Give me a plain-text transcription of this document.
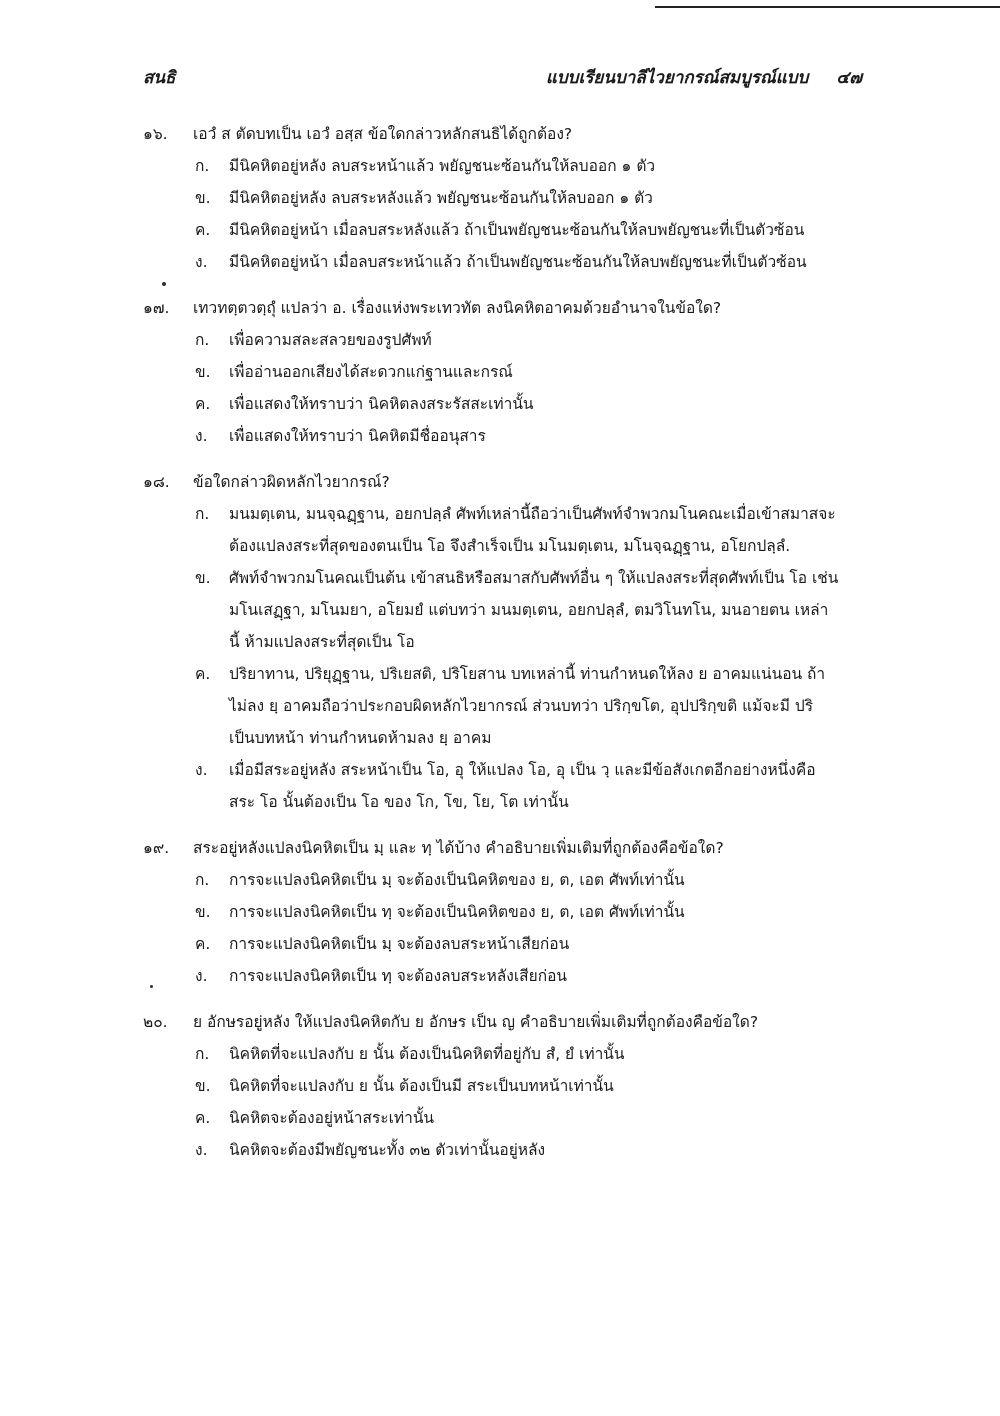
สนธิ	แบบเรียนบาลีไวยากรณ์สมบูรณ์แบบ ๔๗
๑๖.	เอวํ ส ตัดบทเป็น เอวํ อสฺส ข้อใดกล่าวหลักสนธิได้ถูกต้อง?
ก.	มีนิคหิตอยู่หลัง ลบสระหน้าแล้ว พยัญชนะซ้อนกันให้ลบออก ๑ ตัว
ข.	มีนิคหิตอยู่หลัง ลบสระหลังแล้ว พยัญชนะซ้อนกันให้ลบออก ๑ ตัว
ค.	มีนิคหิตอยู่หน้า เมื่อลบสระหลังแล้ว ถ้าเป็นพยัญชนะซ้อนกันให้ลบพยัญชนะที่เป็นตัวซ้อน
ง.	มีนิคหิตอยู่หน้า เมื่อลบสระหน้าแล้ว ถ้าเป็นพยัญชนะซ้อนกันให้ลบพยัญชนะที่เป็นตัวซ้อน
๑๗.	เทวทตฺตวตฺถุํ แปลว่า อ. เรื่องแห่งพระเทวทัต ลงนิคหิตอาคมด้วยอำนาจในข้อใด?
ก.	เพื่อความสละสลวยของรูปศัพท์
ข.	เพื่ออ่านออกเสียงได้สะดวกแก่ฐานและกรณ์
ค.	เพื่อแสดงให้ทราบว่า นิคหิตลงสระรัสสะเท่านั้น
ง.	เพื่อแสดงให้ทราบว่า นิคหิตมีชื่ออนุสาร
๑๘.	ข้อใดกล่าวผิดหลักไวยากรณ์?
ก.	มนมตฺเตน, มนจฺฉฏฺฐาน, อยกปลฺลํ ศัพท์เหล่านี้ถือว่าเป็นศัพท์จำพวกมโนคณะเมื่อเข้าสมาสจะ
ต้องแปลงสระที่สุดของตนเป็น โอ จึงสำเร็จเป็น มโนมตฺเตน, มโนจฺฉฏฺฐาน, อโยกปลฺลํ.
ข.	ศัพท์จำพวกมโนคณเป็นต้น เข้าสนธิหรือสมาสกับศัพท์อื่น ๆ ให้แปลงสระที่สุดศัพท์เป็น โอ เช่น
มโนเสฏฺฐา, มโนมยา, อโยมยํ แต่บทว่า มนมตฺเตน, อยกปลฺลํ, ตมวิโนทโน, มนอายตน เหล่า
นี้ ห้ามแปลงสระที่สุดเป็น โอ
ค.	ปริยาทาน, ปริยุฏฺฐาน, ปริเยสติ, ปริโยสาน บทเหล่านี้ ท่านกำหนดให้ลง ย อาคมแน่นอน ถ้า
ไม่ลง ยฺ อาคมถือว่าประกอบผิดหลักไวยากรณ์ ส่วนบทว่า ปริกฺขโต, อุปปริกฺขติ แม้จะมี ปริ
เป็นบทหน้า ท่านกำหนดห้ามลง ยฺ อาคม
ง.	เมื่อมีสระอยู่หลัง สระหน้าเป็น โอ, อุ ให้แปลง โอ, อุ เป็น วฺ และมีข้อสังเกตอีกอย่างหนึ่งคือ
สระ โอ นั้นต้องเป็น โอ ของ โก, โข, โย, โต เท่านั้น
๑๙.	สระอยู่หลังแปลงนิคหิตเป็น มฺ และ ทฺ ได้บ้าง คำอธิบายเพิ่มเติมที่ถูกต้องคือข้อใด?
ก.	การจะแปลงนิคหิตเป็น มฺ จะต้องเป็นนิคหิตของ ย, ต, เอต ศัพท์เท่านั้น
ข.	การจะแปลงนิคหิตเป็น ทฺ จะต้องเป็นนิคหิตของ ย, ต, เอต ศัพท์เท่านั้น
ค.	การจะแปลงนิคหิตเป็น มฺ จะต้องลบสระหน้าเสียก่อน
ง.	การจะแปลงนิคหิตเป็น ทฺ จะต้องลบสระหลังเสียก่อน
๒๐.	ย อักษรอยู่หลัง ให้แปลงนิคหิตกับ ย อักษร เป็น ญ คำอธิบายเพิ่มเติมที่ถูกต้องคือข้อใด?
ก.	นิคหิตที่จะแปลงกับ ย นั้น ต้องเป็นนิคหิตที่อยู่กับ สํ, ยํ เท่านั้น
ข.	นิคหิตที่จะแปลงกับ ย นั้น ต้องเป็นมี สระเป็นบทหน้าเท่านั้น
ค.	นิคหิตจะต้องอยู่หน้าสระเท่านั้น
ง.	นิคหิตจะต้องมีพยัญชนะทั้ง ๓๒ ตัวเท่านั้นอยู่หลัง
